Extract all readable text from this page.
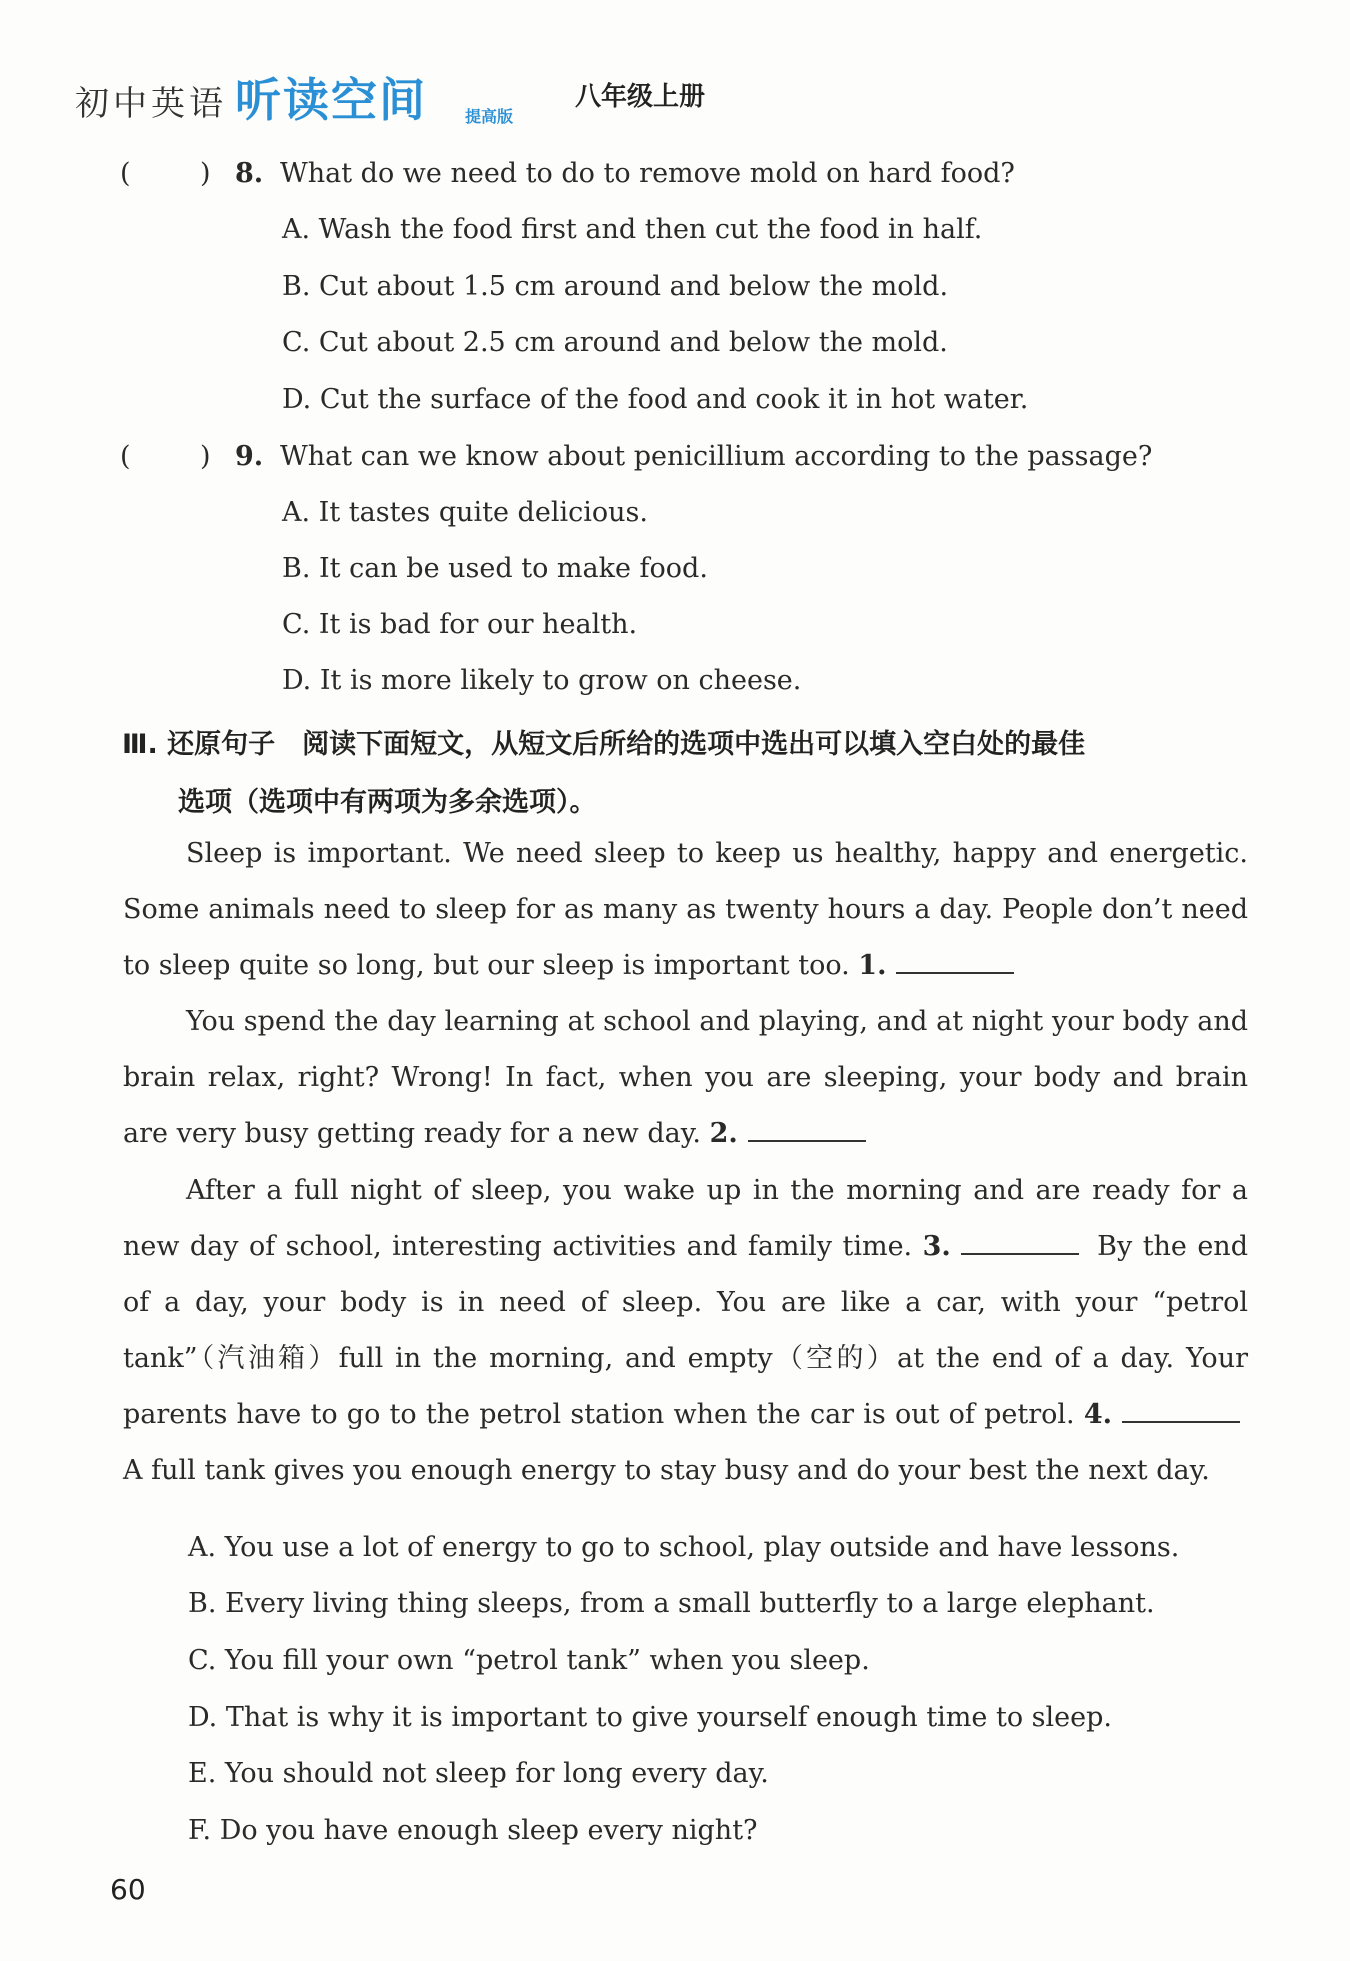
初中英语 听读空间 提高版
八年级上册
(	) 8. What do we need to do to remove mold on hard food?
A. Wash the food first and then cut the food in half.
B. Cut about 1.5 cm around and below the mold.
C. Cut about 2.5 cm around and below the mold.
D. Cut the surface of the food and cook it in hot water.
(	) 9. What can we know about penicillium according to the passage?
A. It tastes quite delicious.
B. It can be used to make food.
C. It is bad for our health.
D. It is more likely to grow on cheese.
Ⅲ. 还原句子　阅读下面短文，从短文后所给的选项中选出可以填入空白处的最佳
选项（选项中有两项为多余选项）。
Sleep is important. We need sleep to keep us healthy, happy and energetic. Some animals need to sleep for as many as twenty hours a day. People don’t need to sleep quite so long, but our sleep is important too. 1.
You spend the day learning at school and playing, and at night your body and brain relax, right? Wrong! In fact, when you are sleeping, your body and brain are very busy getting ready for a new day. 2.
After a full night of sleep, you wake up in the morning and are ready for a new day of school, interesting activities and family time. 3.	By the end of a day, your body is in need of sleep. You are like a car, with your “petrol tank”（汽油箱）full in the morning, and empty（空的）at the end of a day. Your parents have to go to the petrol station when the car is out of petrol. 4. A full tank gives you enough energy to stay busy and do your best the next day.
A. You use a lot of energy to go to school, play outside and have lessons.
B. Every living thing sleeps, from a small butterfly to a large elephant.
C. You fill your own “petrol tank” when you sleep.
D. That is why it is important to give yourself enough time to sleep.
E. You should not sleep for long every day.
F. Do you have enough sleep every night?
60
